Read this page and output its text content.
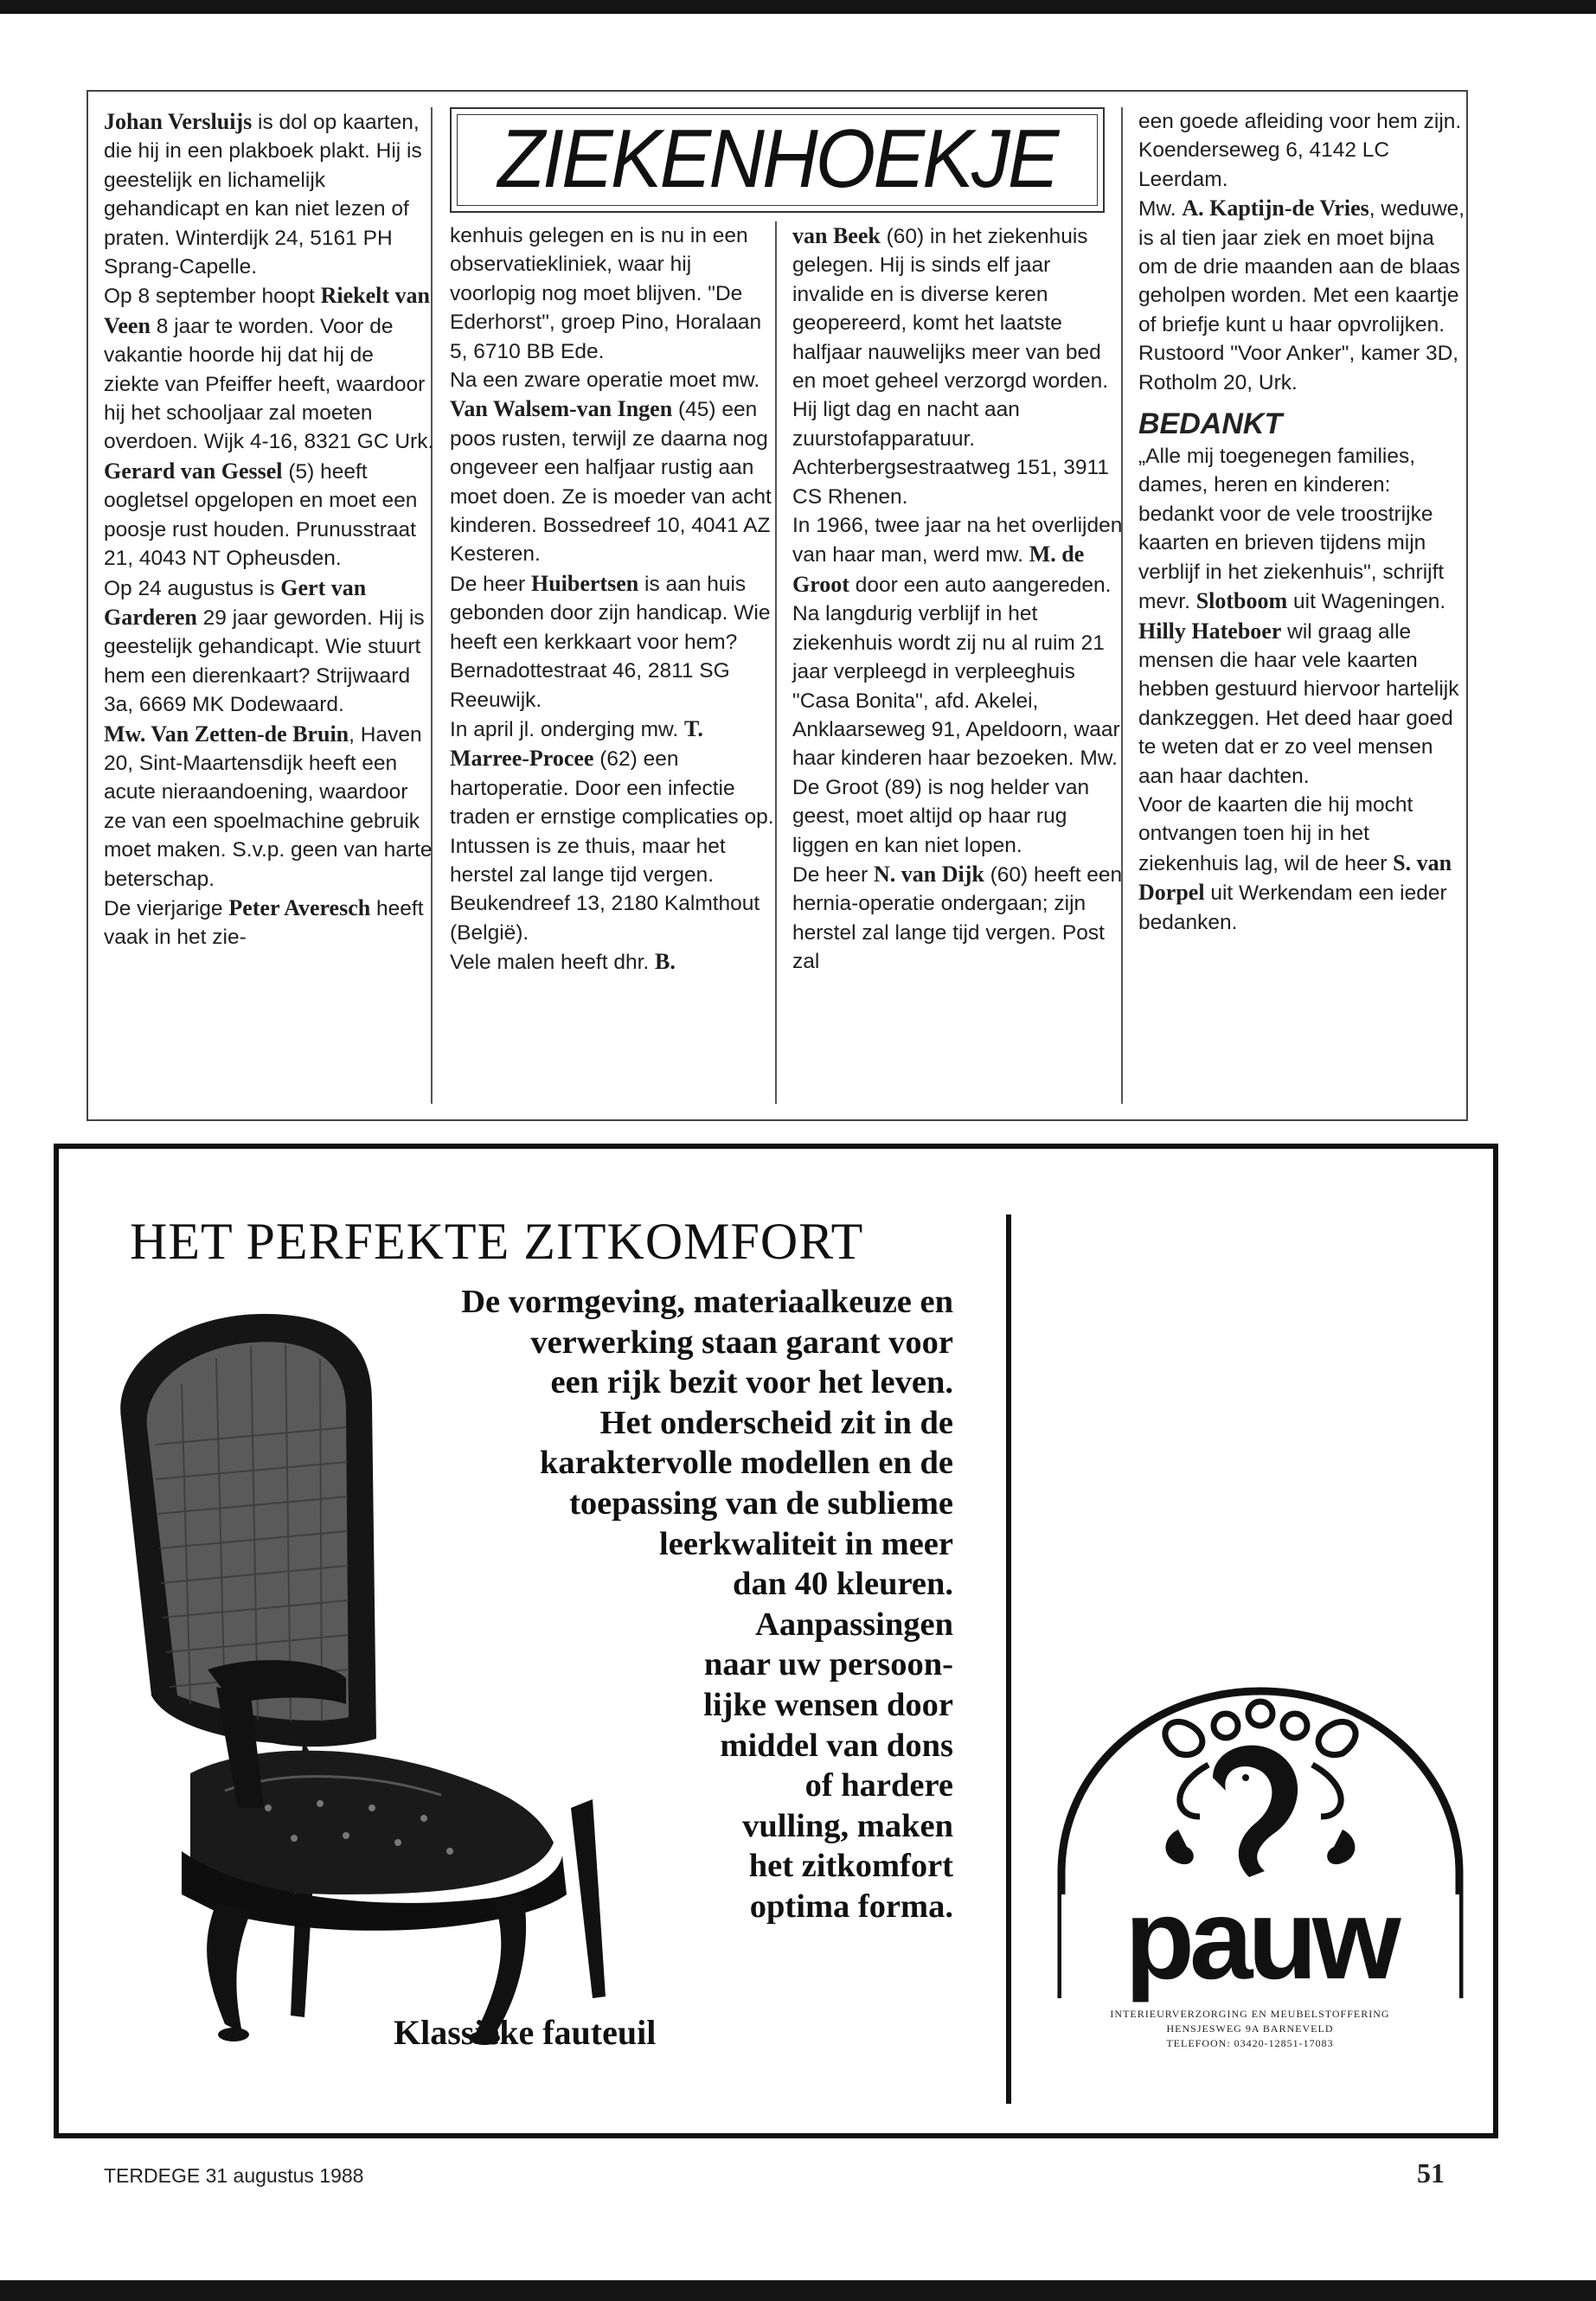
ZIEKENHOEKJE

Johan Versluijs is dol op kaarten, die hij in een plakboek plakt. Hij is geestelijk en lichamelijk gehandicapt en kan niet lezen of praten. Winterdijk 24, 5161 PH Sprang-Capelle.

Op 8 september hoopt Riekelt van Veen 8 jaar te worden. Voor de vakantie hoorde hij dat hij de ziekte van Pfeiffer heeft, waardoor hij het schooljaar zal moeten overdoen. Wijk 4-16, 8321 GC Urk.

Gerard van Gessel (5) heeft oogletsel opgelopen en moet een poosje rust houden. Prunusstraat 21, 4043 NT Opheusden.

Op 24 augustus is Gert van Garderen 29 jaar geworden. Hij is geestelijk gehandicapt. Wie stuurt hem een dierenkaart? Strijwaard 3a, 6669 MK Dodewaard.

Mw. Van Zetten-de Bruin, Haven 20, Sint-Maartensdijk heeft een acute nieraandoening, waardoor ze van een spoelmachine gebruik moet maken. S.v.p. geen van harte beterschap.

De vierjarige Peter Averesch heeft vaak in het zie-

kenhuis gelegen en is nu in een observatiekliniek, waar hij voorlopig nog moet blijven. "De Ederhorst", groep Pino, Horalaan 5, 6710 BB Ede.

Na een zware operatie moet mw. Van Walsem-van Ingen (45) een poos rusten, terwijl ze daarna nog ongeveer een halfjaar rustig aan moet doen. Ze is moeder van acht kinderen. Bossedreef 10, 4041 AZ Kesteren.

De heer Huibertsen is aan huis gebonden door zijn handicap. Wie heeft een kerkkaart voor hem? Bernadottestraat 46, 2811 SG Reeuwijk.

In april jl. onderging mw. T. Marree-Procee (62) een hartoperatie. Door een infectie traden er ernstige complicaties op. Intussen is ze thuis, maar het herstel zal lange tijd vergen. Beukendreef 13, 2180 Kalmthout (België).

Vele malen heeft dhr. B.

van Beek (60) in het ziekenhuis gelegen. Hij is sinds elf jaar invalide en is diverse keren geopereerd, komt het laatste halfjaar nauwelijks meer van bed en moet geheel verzorgd worden. Hij ligt dag en nacht aan zuurstofapparatuur. Achterbergsestraatweg 151, 3911 CS Rhenen.

In 1966, twee jaar na het overlijden van haar man, werd mw. M. de Groot door een auto aangereden. Na langdurig verblijf in het ziekenhuis wordt zij nu al ruim 21 jaar verpleegd in verpleeghuis "Casa Bonita", afd. Akelei, Anklaarseweg 91, Apeldoorn, waar haar kinderen haar bezoeken. Mw. De Groot (89) is nog helder van geest, moet altijd op haar rug liggen en kan niet lopen.

De heer N. van Dijk (60) heeft een hernia-operatie ondergaan; zijn herstel zal lange tijd vergen. Post zal

een goede afleiding voor hem zijn. Koenderseweg 6, 4142 LC Leerdam.

Mw. A. Kaptijn-de Vries, weduwe, is al tien jaar ziek en moet bijna om de drie maanden aan de blaas geholpen worden. Met een kaartje of briefje kunt u haar opvrolijken. Rustoord "Voor Anker", kamer 3D, Rotholm 20, Urk.

BEDANKT

„Alle mij toegenegen families, dames, heren en kinderen: bedankt voor de vele troostrijke kaarten en brieven tijdens mijn verblijf in het ziekenhuis", schrijft mevr. Slotboom uit Wageningen.

Hilly Hateboer wil graag alle mensen die haar vele kaarten hebben gestuurd hiervoor hartelijk dankzeggen. Het deed haar goed te weten dat er zo veel mensen aan haar dachten.

Voor de kaarten die hij mocht ontvangen toen hij in het ziekenhuis lag, wil de heer S. van Dorpel uit Werkendam een ieder bedanken.

HET PERFEKTE ZITKOMFORT
De vormgeving, materiaalkeuze en
verwerking staan garant voor
een rijk bezit voor het leven.
Het onderscheid zit in de
karaktervolle modellen en de
toepassing van de sublieme
leerkwaliteit in meer
dan 40 kleuren.
Aanpassingen
naar uw persoon-
lijke wensen door
middel van dons
of hardere
vulling, maken
het zitkomfort
optima forma.
Klassieke fauteuil
pauw
INTERIEURVERZORGING EN MEUBELSTOFFERING
HENSJESWEG 9A BARNEVELD
TELEFOON: 03420-12851-17083
TERDEGE 31 augustus 1988	51
